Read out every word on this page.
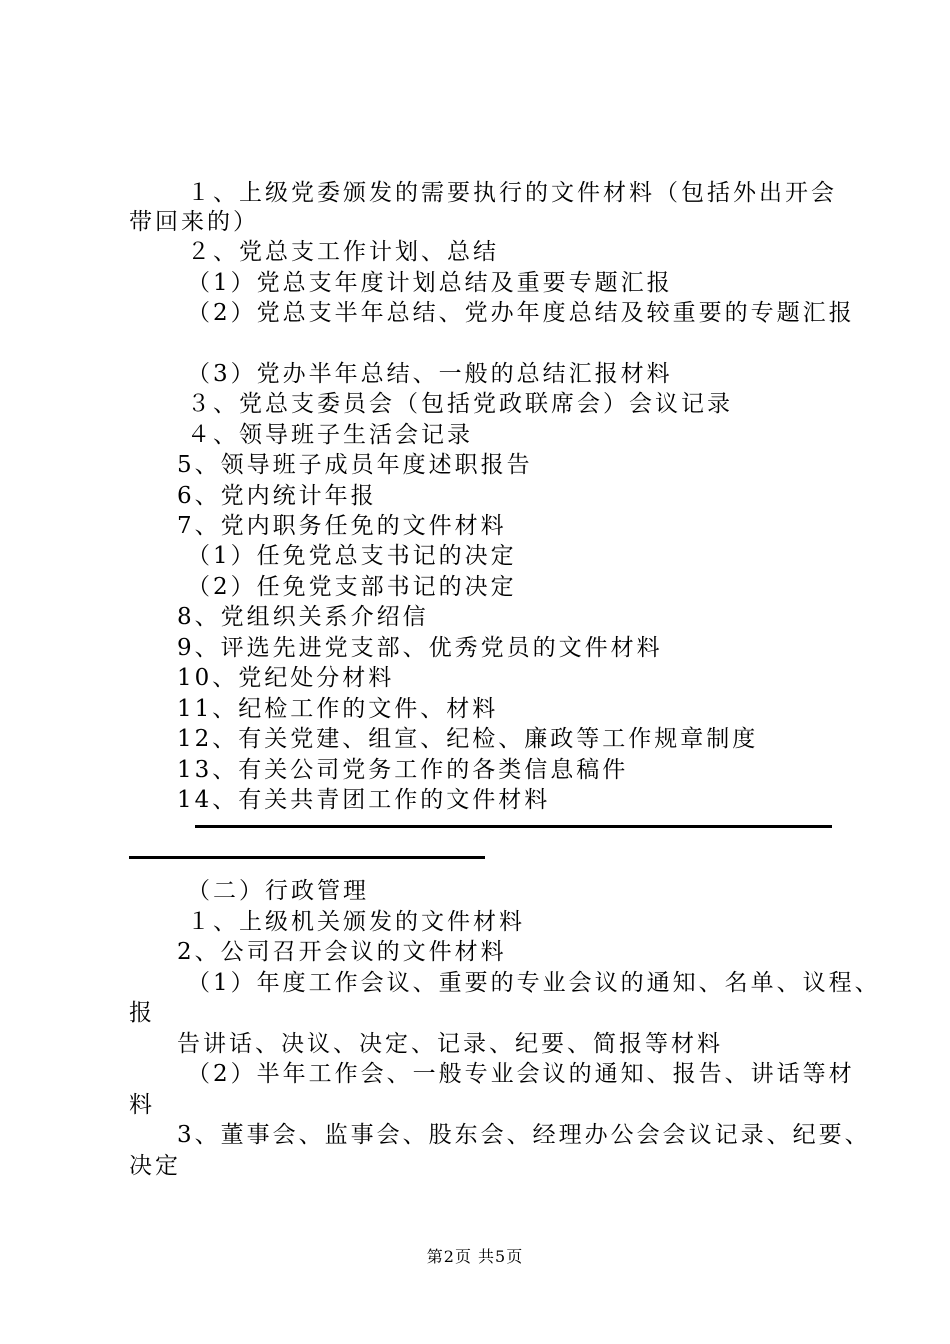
１、上级党委颁发的需要执行的文件材料（包括外出开会
带回来的）
２、党总支工作计划、总结
（1）党总支年度计划总结及重要专题汇报
（2）党总支半年总结、党办年度总结及较重要的专题汇报
（3）党办半年总结、一般的总结汇报材料
３、党总支委员会（包括党政联席会）会议记录
４、领导班子生活会记录
5、领导班子成员年度述职报告
6、党内统计年报
7、党内职务任免的文件材料
（1）任免党总支书记的决定
（2）任免党支部书记的决定
8、党组织关系介绍信
9、评选先进党支部、优秀党员的文件材料
10、党纪处分材料
11、纪检工作的文件、材料
12、有关党建、组宣、纪检、廉政等工作规章制度
13、有关公司党务工作的各类信息稿件
14、有关共青团工作的文件材料
（二）行政管理
１、上级机关颁发的文件材料
2、公司召开会议的文件材料
（1）年度工作会议、重要的专业会议的通知、名单、议程、
报
告讲话、决议、决定、记录、纪要、简报等材料
（2）半年工作会、一般专业会议的通知、报告、讲话等材
料
3、董事会、监事会、股东会、经理办公会会议记录、纪要、
决定
第2页 共5页
